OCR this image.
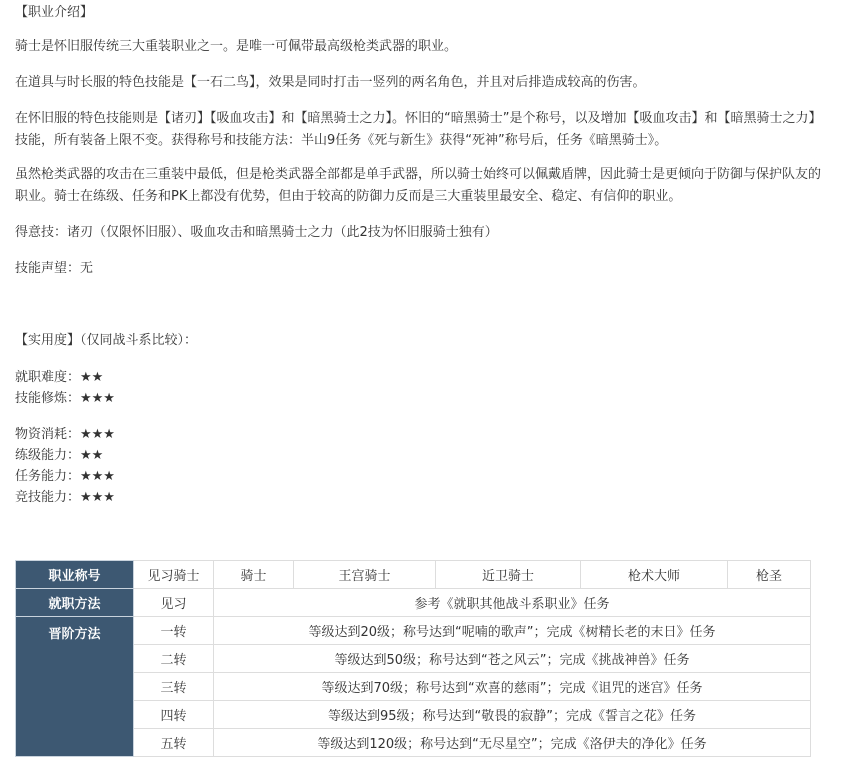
【职业介绍】
骑士是怀旧服传统三大重装职业之一。是唯一可佩带最高级枪类武器的职业。
在道具与时长服的特色技能是【一石二鸟】，效果是同时打击一竖列的两名角色，并且对后排造成较高的伤害。
在怀旧服的特色技能则是【诸刃】【吸血攻击】和【暗黑骑士之力】。怀旧的“暗黑骑士”是个称号，以及增加【吸血攻击】和【暗黑骑士之力】技能，所有装备上限不变。获得称号和技能方法：半山9任务《死与新生》获得“死神”称号后，任务《暗黑骑士》。
虽然枪类武器的攻击在三重装中最低，但是枪类武器全部都是单手武器，所以骑士始终可以佩戴盾牌，因此骑士是更倾向于防御与保护队友的职业。骑士在练级、任务和PK上都没有优势，但由于较高的防御力反而是三大重装里最安全、稳定、有信仰的职业。
得意技：诸刃（仅限怀旧服）、吸血攻击和暗黑骑士之力（此2技为怀旧服骑士独有）
技能声望：无
【实用度】（仅同战斗系比较）：
就职难度：★★
技能修炼：★★★
物资消耗：★★★
练级能力：★★
任务能力：★★★
竞技能力：★★★
职业称号	见习骑士	骑士	王宫骑士	近卫骑士	枪术大师	枪圣
就职方法	见习	参考《就职其他战斗系职业》任务				
晋阶方法	一转	等级达到20级；称号达到“呢喃的歌声”；完成《树精长老的末日》任务				
	二转	等级达到50级；称号达到“苍之风云”；完成《挑战神兽》任务				
	三转	等级达到70级；称号达到“欢喜的慈雨”；完成《诅咒的迷宫》任务				
	四转	等级达到95级；称号达到“敬畏的寂静”；完成《誓言之花》任务				
	五转	等级达到120级；称号达到“无尽星空”；完成《洛伊夫的净化》任务				
